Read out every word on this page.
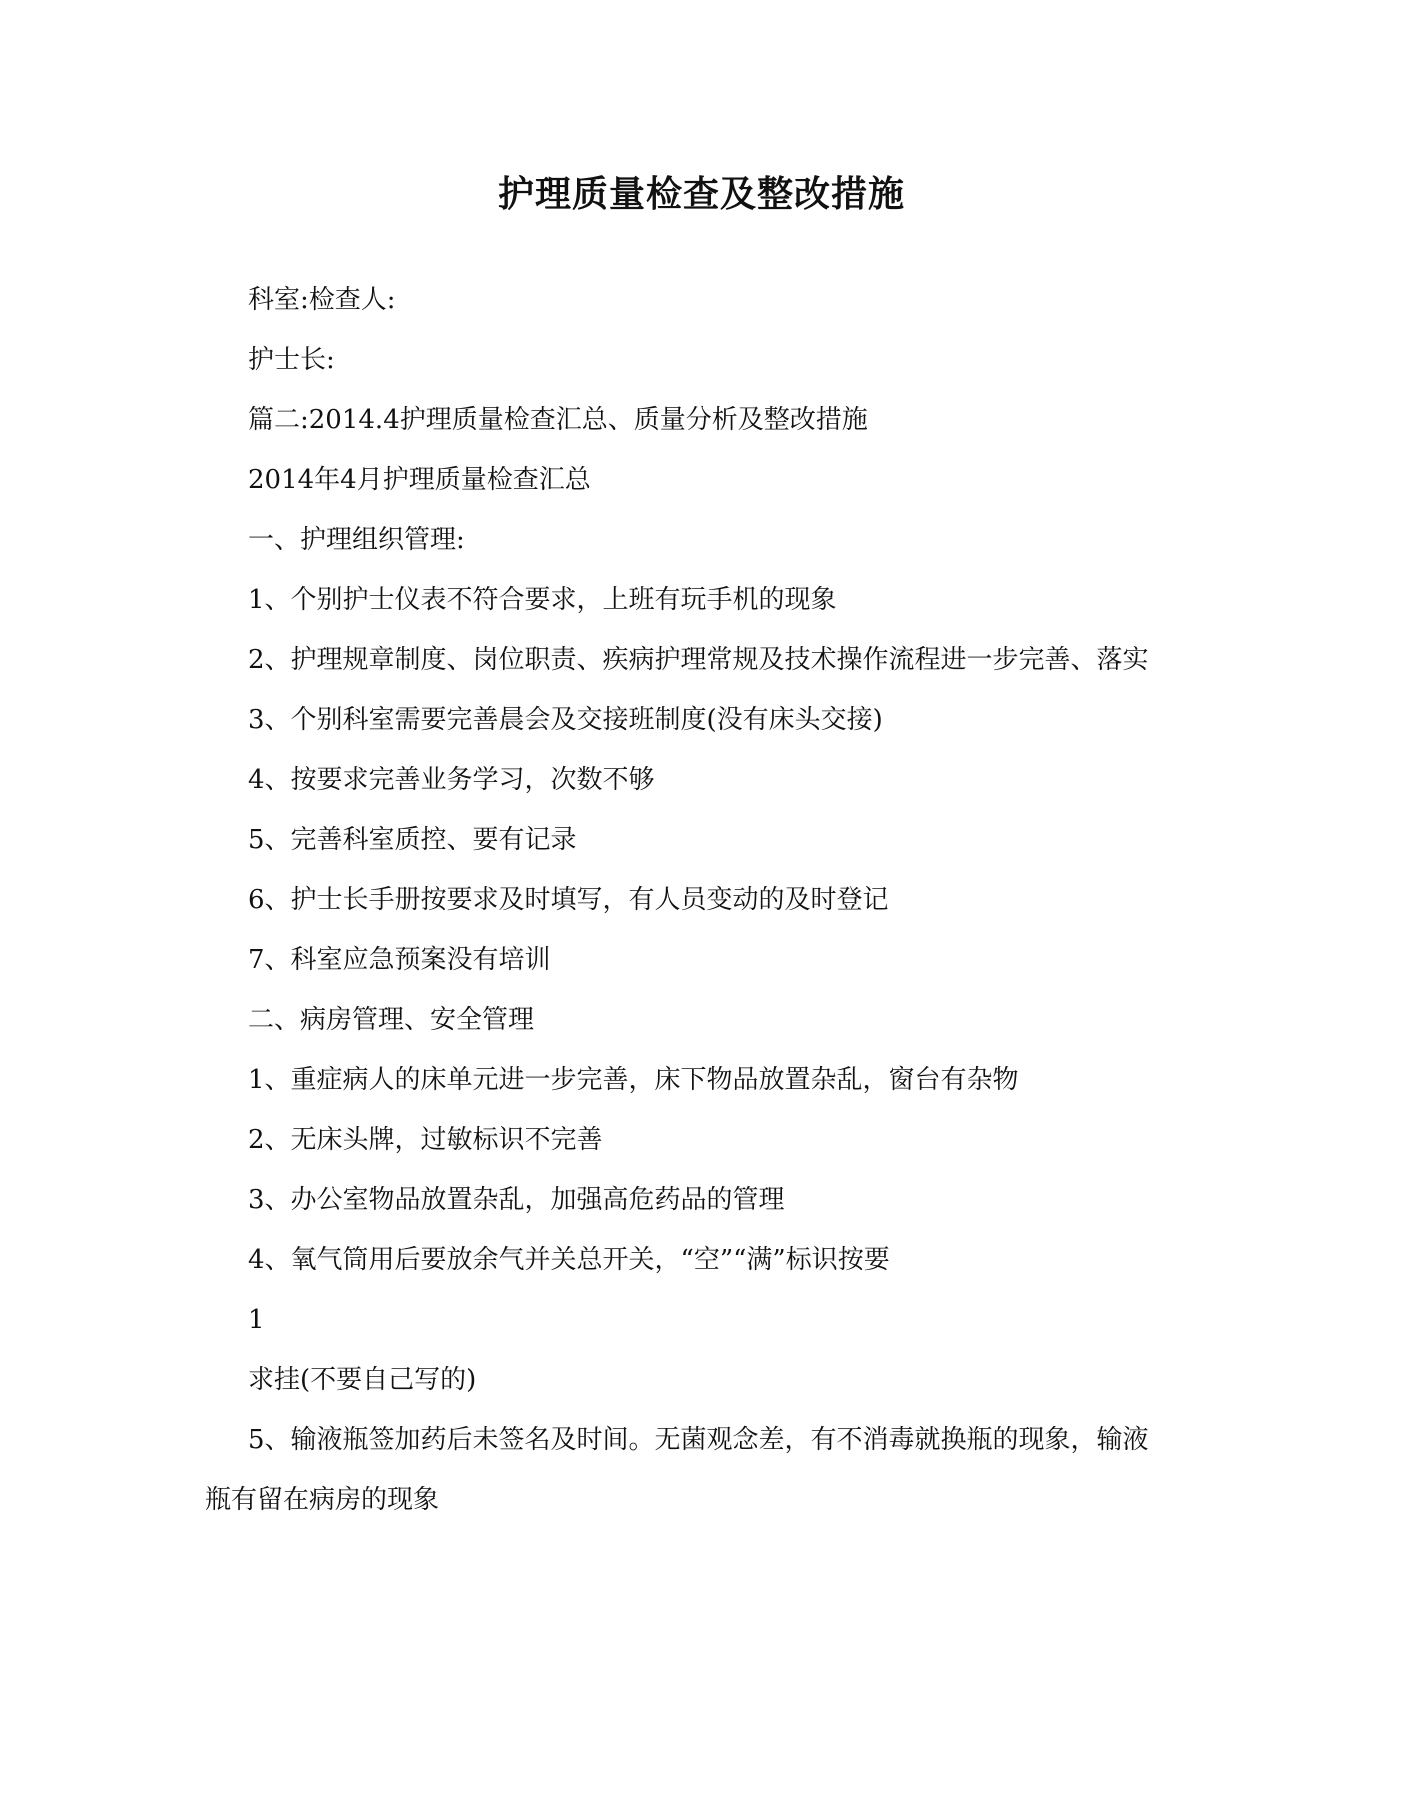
护理质量检查及整改措施

科室:检查人:

护士长:

篇二:2014.4护理质量检查汇总、质量分析及整改措施

2014年4月护理质量检查汇总

一、护理组织管理:

1、个别护士仪表不符合要求，上班有玩手机的现象

2、护理规章制度、岗位职责、疾病护理常规及技术操作流程进一步完善、落实

3、个别科室需要完善晨会及交接班制度(没有床头交接)

4、按要求完善业务学习，次数不够

5、完善科室质控、要有记录

6、护士长手册按要求及时填写，有人员变动的及时登记

7、科室应急预案没有培训

二、病房管理、安全管理

1、重症病人的床单元进一步完善，床下物品放置杂乱，窗台有杂物

2、无床头牌，过敏标识不完善

3、办公室物品放置杂乱，加强高危药品的管理

4、氧气筒用后要放余气并关总开关，“空”“满”标识按要

1

求挂(不要自己写的)

5、输液瓶签加药后未签名及时间。无菌观念差，有不消毒就换瓶的现象，输液瓶有留在病房的现象
